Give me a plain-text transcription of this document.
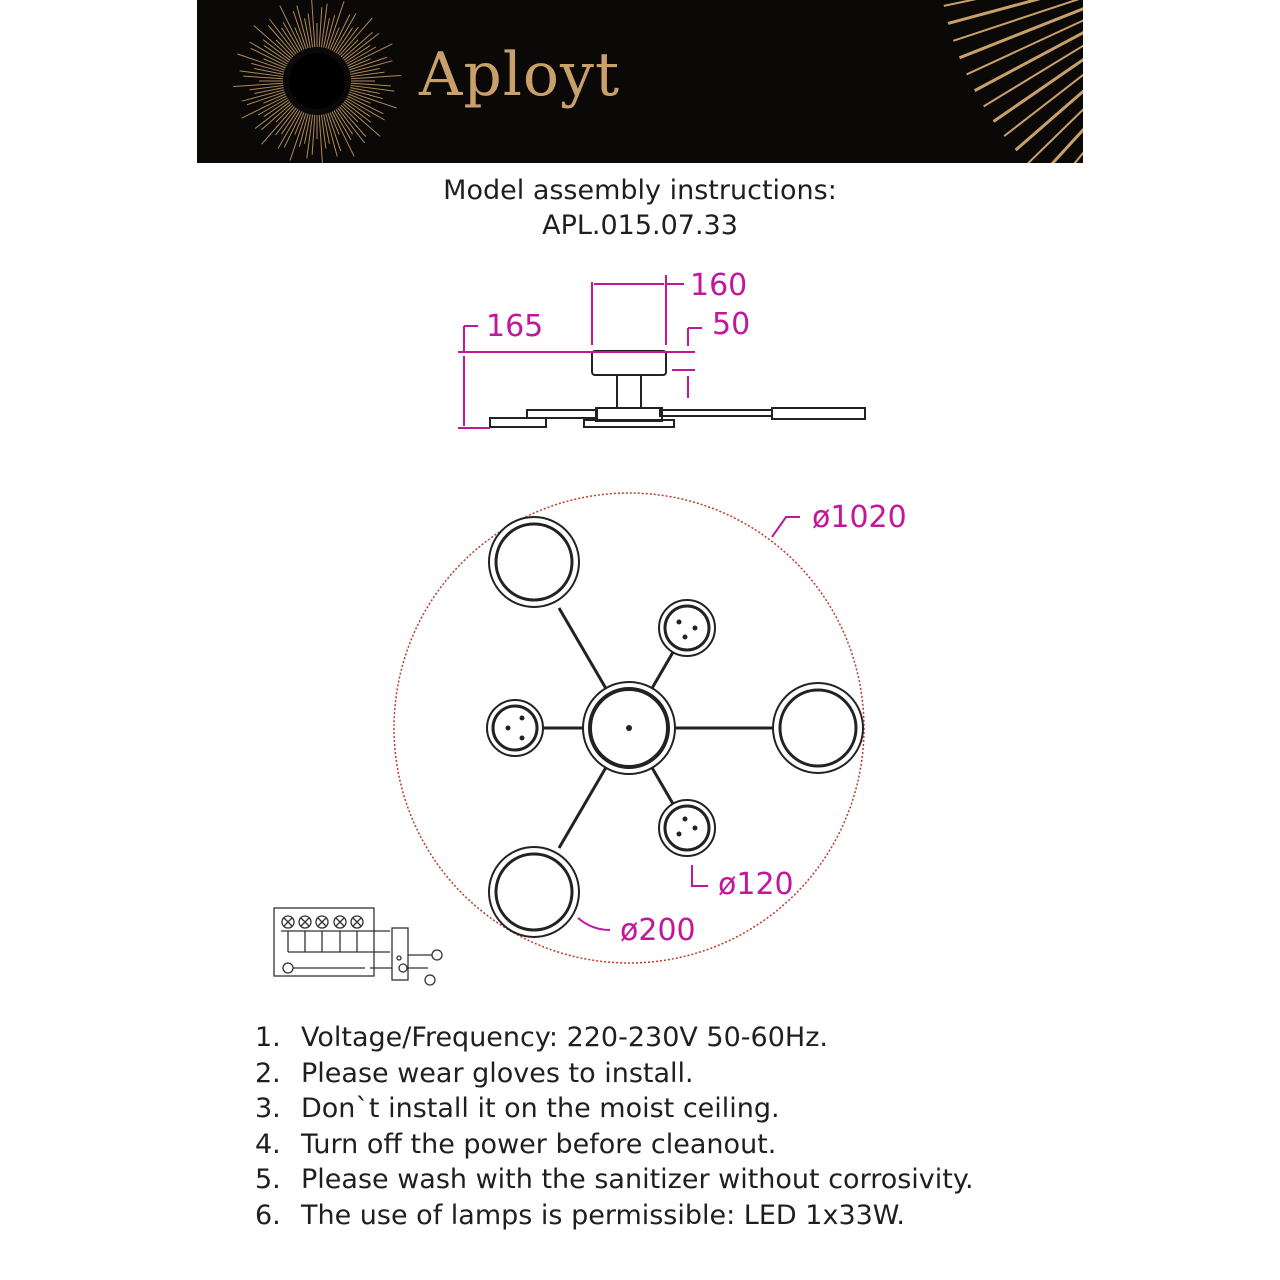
Aployt
Model assembly instructions:
APL.015.07.33
160
165	50
ø1020
ø120
ø200
1. Voltage/Frequency: 220-230V 50-60Hz.
2. Please wear gloves to install.
3. Don`t install it on the moist ceiling.
4. Turn off the power before cleanout.
5. Please wash with the sanitizer without corrosivity.
6. The use of lamps is permissible: LED 1x33W.
